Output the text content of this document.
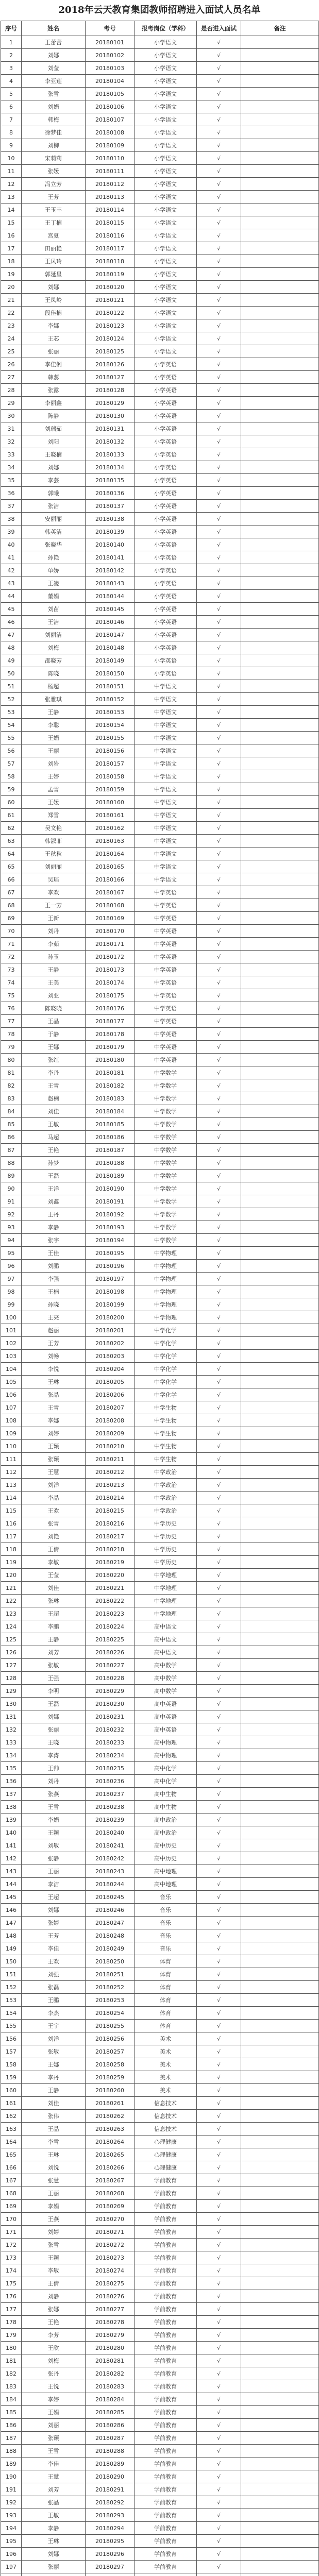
2018年云天教育集团教师招聘进入面试人员名单
序号	姓名	考号	报考岗位（学科）	是否进入面试	备注
1	王蕾蕾	20180101	小学语文	√	
2	刘娜	20180102	小学语文	√	
3	刘莹	20180103	小学语文	√	
4	李亚莲	20180104	小学语文	√	
5	张雪	20180105	小学语文	√	
6	刘娟	20180106	小学语文	√	
7	韩梅	20180107	小学语文	√	
8	徐梦佳	20180108	小学语文	√	
9	刘柳	20180109	小学语文	√	
10	宋莉莉	20180110	小学语文	√	
11	张媛	20180111	小学语文	√	
12	冯立芳	20180112	小学语文	√	
13	王芳	20180113	小学语文	√	
14	王玉丰	20180114	小学语文	√	
15	王丁楠	20180115	小学语文	√	
16	宫夏	20180116	小学语文	√	
17	田丽艳	20180117	小学语文	√	
18	王凤玲	20180118	小学语文	√	
19	郭延星	20180119	小学语文	√	
20	刘娜	20180120	小学语文	√	
21	王凤岭	20180121	小学语文	√	
22	段佳楠	20180122	小学语文	√	
23	李娜	20180123	小学语文	√	
24	王芯	20180124	小学语文	√	
25	张丽	20180125	小学语文	√	
26	李佳俐	20180126	小学英语	√	
27	韩蕊	20180127	小学英语	√	
28	张露	20180128	小学英语	√	
29	李丽鑫	20180129	小学英语	√	
30	陈静	20180130	小学英语	√	
31	刘瑞茹	20180131	小学英语	√	
32	刘阳	20180132	小学英语	√	
33	王晓楠	20180133	小学英语	√	
34	刘娜	20180134	小学英语	√	
35	李芸	20180135	小学英语	√	
36	郭曦	20180136	小学英语	√	
37	张洁	20180137	小学英语	√	
38	安丽丽	20180138	小学英语	√	
39	韩英洁	20180139	小学英语	√	
40	张晓华	20180140	小学英语	√	
41	孙艳	20180141	小学英语	√	
42	单娇	20180142	小学英语	√	
43	王凌	20180143	小学英语	√	
44	董娟	20180144	小学英语	√	
45	刘苗	20180145	小学英语	√	
46	王洁	20180146	小学英语	√	
47	刘丽洁	20180147	小学英语	√	
48	刘梅	20180148	小学英语	√	
49	邵晓芳	20180149	小学英语	√	
50	陈晓	20180150	小学英语	√	
51	杨超	20180151	中学语文	√	
52	张雅琪	20180152	中学语文	√	
53	王静	20180153	中学语文	√	
54	李聪	20180154	中学语文	√	
55	王娟	20180155	中学语文	√	
56	王丽	20180156	中学语文	√	
57	刘岩	20180157	中学语文	√	
58	王婷	20180158	中学语文	√	
59	孟雪	20180159	中学语文	√	
60	王媛	20180160	中学语文	√	
61	郑雪	20180161	中学语文	√	
62	吴文艳	20180162	中学语文	√	
63	韩淑菲	20180163	中学语文	√	
64	王秋秋	20180164	中学语文	√	
65	刘丽丽	20180165	中学语文	√	
66	吴瑶	20180166	中学语文	√	
67	李欢	20180167	中学英语	√	
68	王一芳	20180168	中学英语	√	
69	王新	20180169	中学英语	√	
70	刘丹	20180170	中学英语	√	
71	李茹	20180171	中学英语	√	
72	孙玉	20180172	中学英语	√	
73	王静	20180173	中学英语	√	
74	王美	20180174	中学英语	√	
75	刘亚	20180175	中学英语	√	
76	陈晓晓	20180176	中学英语	√	
77	王晶	20180177	中学英语	√	
78	于静	20180178	中学英语	√	
79	王娜	20180179	中学英语	√	
80	张红	20180180	中学英语	√	
81	李丹	20180181	中学数学	√	
82	王雪	20180182	中学数学	√	
83	赵楠	20180183	中学数学	√	
84	刘佳	20180184	中学数学	√	
85	王敏	20180185	中学数学	√	
86	马超	20180186	中学数学	√	
87	王艳	20180187	中学数学	√	
88	孙梦	20180188	中学数学	√	
89	王磊	20180189	中学数学	√	
90	王洋	20180190	中学数学	√	
91	刘鑫	20180191	中学数学	√	
92	王丹	20180192	中学数学	√	
93	李静	20180193	中学数学	√	
94	张宇	20180194	中学数学	√	
95	王佳	20180195	中学物理	√	
96	刘鹏	20180196	中学物理	√	
97	李强	20180197	中学物理	√	
98	王楠	20180198	中学物理	√	
99	孙晓	20180199	中学物理	√	
100	王亮	20180200	中学物理	√	
101	赵丽	20180201	中学化学	√	
102	王芳	20180202	中学化学	√	
103	刘畅	20180203	中学化学	√	
104	李悦	20180204	中学化学	√	
105	王琳	20180205	中学化学	√	
106	张晶	20180206	中学化学	√	
107	王雪	20180207	中学生物	√	
108	李娜	20180208	中学生物	√	
109	刘婷	20180209	中学生物	√	
110	王颖	20180210	中学生物	√	
111	张颖	20180211	中学生物	√	
112	王慧	20180212	中学政治	√	
113	刘洋	20180213	中学政治	√	
114	李晶	20180214	中学政治	√	
115	王欢	20180215	中学政治	√	
116	张雪	20180216	中学历史	√	
117	刘艳	20180217	中学历史	√	
118	王倩	20180218	中学历史	√	
119	李敏	20180219	中学历史	√	
120	王莹	20180220	中学地理	√	
121	刘佳	20180221	中学地理	√	
122	张琳	20180222	中学地理	√	
123	王超	20180223	中学地理	√	
124	李鹏	20180224	高中语文	√	
125	王静	20180225	高中语文	√	
126	刘芳	20180226	高中语文	√	
127	张敏	20180227	高中数学	√	
128	王强	20180228	高中数学	√	
129	李明	20180229	高中数学	√	
130	王磊	20180230	高中英语	√	
131	刘娜	20180231	高中英语	√	
132	张丽	20180232	高中英语	√	
133	王晓	20180233	高中物理	√	
134	李涛	20180234	高中物理	√	
135	王帅	20180235	高中化学	√	
136	刘丹	20180236	高中化学	√	
137	张燕	20180237	高中生物	√	
138	王雪	20180238	高中生物	√	
139	李娟	20180239	高中政治	√	
140	王颖	20180240	高中政治	√	
141	刘敏	20180241	高中历史	√	
142	张静	20180242	高中历史	√	
143	王丽	20180243	高中地理	√	
144	李洁	20180244	高中地理	√	
145	王超	20180245	音乐	√	
146	刘娜	20180246	音乐	√	
147	张婷	20180247	音乐	√	
148	王芳	20180248	音乐	√	
149	李佳	20180249	音乐	√	
150	王欢	20180250	体育	√	
151	刘强	20180251	体育	√	
152	张磊	20180252	体育	√	
153	王鹏	20180253	体育	√	
154	李杰	20180254	体育	√	
155	王宇	20180255	体育	√	
156	刘洋	20180256	美术	√	
157	张敏	20180257	美术	√	
158	王娜	20180258	美术	√	
159	李丹	20180259	美术	√	
160	王静	20180260	美术	√	
161	刘佳	20180261	信息技术	√	
162	张伟	20180262	信息技术	√	
163	王晶	20180263	信息技术	√	
164	李雪	20180264	心理健康	√	
165	王琳	20180265	心理健康	√	
166	刘悦	20180266	心理健康	√	
167	张慧	20180267	学前教育	√	
168	王丽	20180268	学前教育	√	
169	李娟	20180269	学前教育	√	
170	王燕	20180270	学前教育	√	
171	刘婷	20180271	学前教育	√	
172	张雪	20180272	学前教育	√	
173	王颖	20180273	学前教育	√	
174	李敏	20180274	学前教育	√	
175	王倩	20180275	学前教育	√	
176	刘静	20180276	学前教育	√	
177	张娜	20180277	学前教育	√	
178	王艳	20180278	学前教育	√	
179	李芳	20180279	学前教育	√	
180	王欣	20180280	学前教育	√	
181	刘梅	20180281	学前教育	√	
182	张丹	20180282	学前教育	√	
183	王悦	20180283	学前教育	√	
184	李婷	20180284	学前教育	√	
185	王娟	20180285	学前教育	√	
186	刘丽	20180286	学前教育	√	
187	张颖	20180287	学前教育	√	
188	王雪	20180288	学前教育	√	
189	李佳	20180289	学前教育	√	
190	王慧	20180290	学前教育	√	
191	刘芳	20180291	学前教育	√	
192	张晶	20180292	学前教育	√	
193	王敏	20180293	学前教育	√	
194	李静	20180294	学前教育	√	
195	王琳	20180295	学前教育	√	
196	刘娜	20180296	学前教育	√	
197	张丽	20180297	学前教育	√	
